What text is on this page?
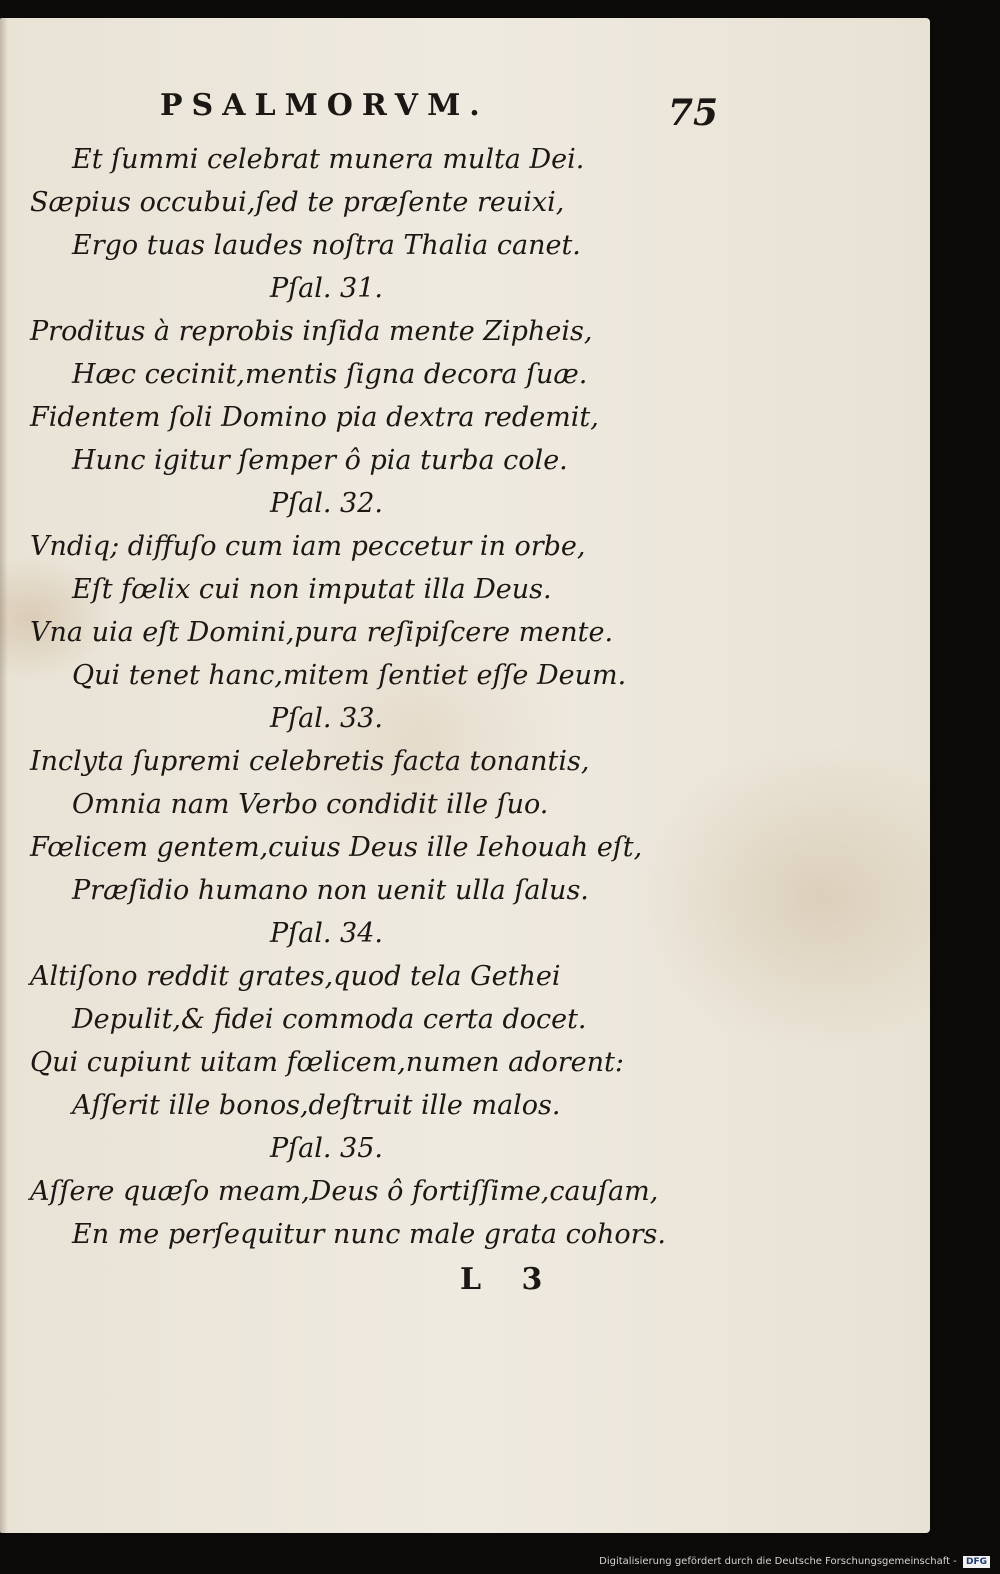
PSALMORVM.	75
Et ſummi celebrat munera multa Dei.
Sæpius occubui,ſed te præſente reuixi,
Ergo tuas laudes noſtra Thalia canet.
Pſal. 31.
Proditus à reprobis inſida mente Zipheis,
Hæc cecinit,mentis ſigna decora ſuæ.
Fidentem ſoli Domino pia dextra redemit,
Hunc igitur ſemper ô pia turba cole.
Pſal. 32.
Vndiq; diffuſo cum iam peccetur in orbe,
Eſt fœlix cui non imputat illa Deus.
Vna uia eſt Domini,pura reſipiſcere mente.
Qui tenet hanc,mitem ſentiet eſſe Deum.
Pſal. 33.
Inclyta ſupremi celebretis facta tonantis,
Omnia nam Verbo condidit ille ſuo.
Fœlicem gentem,cuius Deus ille Iehouah eſt,
Præſidio humano non uenit ulla ſalus.
Pſal. 34.
Altiſono reddit grates,quod tela Gethei
Depulit,& fidei commoda certa docet.
Qui cupiunt uitam fœlicem,numen adorent:
Aſſerit ille bonos,deſtruit ille malos.
Pſal. 35.
Aſſere quæſo meam,Deus ô fortiſſime,cauſam,
En me perſequitur nunc male grata cohors.
L 3
Digitalisierung gefördert durch die Deutsche Forschungsgemeinschaft - DFG
